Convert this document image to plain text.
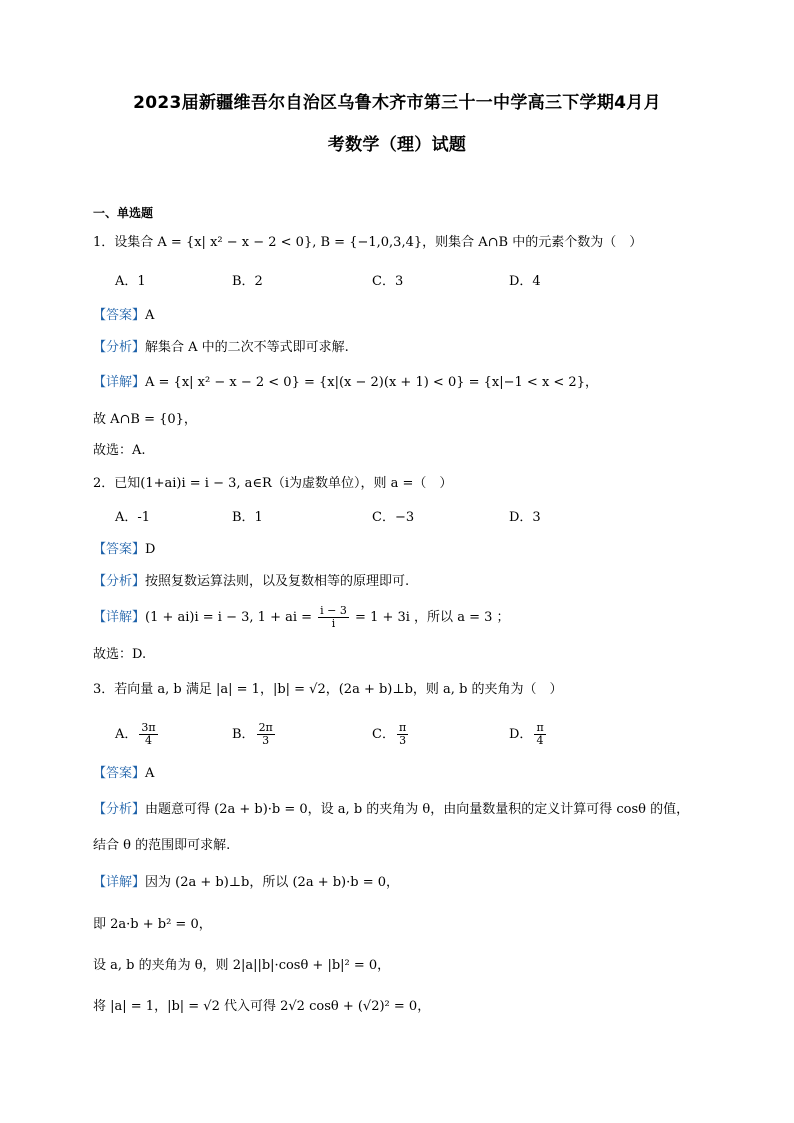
2023届新疆维吾尔自治区乌鲁木齐市第三十一中学高三下学期4月月
考数学（理）试题
一、单选题
1．设集合 A = {x| x² − x − 2 < 0}, B = {−1,0,3,4}，则集合 A∩B 中的元素个数为（　）
A．1	B．2	C．3	D．4
【答案】A
【分析】解集合 A 中的二次不等式即可求解.
【详解】A = {x| x² − x − 2 < 0} = {x|(x − 2)(x + 1) < 0} = {x|−1 < x < 2}，
故 A∩B = {0}，
故选：A.
2．已知(1+ai)i = i − 3, a∈R（i为虚数单位），则 a =（　）
A．-1	B．1	C．−3	D．3
【答案】D
【分析】按照复数运算法则，以及复数相等的原理即可.
【详解】(1 + ai)i = i − 3, 1 + ai = $\frac{i - 3}{i} = 1 + 3i$ ，所以 a = 3 ；
故选：D.
3．若向量 a, b 满足 |a| = 1，|b| = √2，(2a + b)⊥b，则 a, b 的夹角为（　）
A． $\frac{3\pi}{4}$	B． $\frac{2\pi}{3}$	C． $\frac{\pi}{3}$	D． $\frac{\pi}{4}$
【答案】A
【分析】由题意可得 (2a + b)·b = 0，设 a, b 的夹角为 θ，由向量数量积的定义计算可得 cosθ 的值，
结合 θ 的范围即可求解.
【详解】因为 (2a + b)⊥b，所以 (2a + b)·b = 0，
即 2a·b + b² = 0，
设 a, b 的夹角为 θ，则 2|a||b|·cosθ + |b|² = 0，
将 |a| = 1，|b| = √2 代入可得 2√2 cosθ + (√2)² = 0，
